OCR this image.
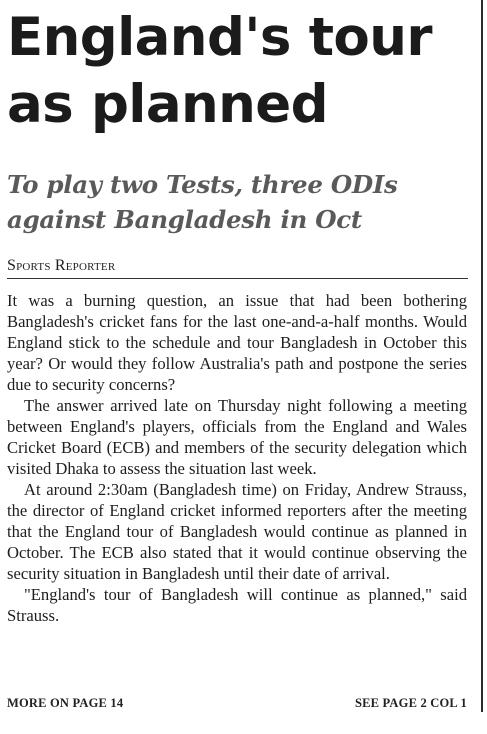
England's tour
as planned
To play two Tests, three ODIs
against Bangladesh in Oct
Sports Reporter

It was a burning question, an issue that had been bothering Bangladesh's cricket fans for the last one-and-a-half months. Would England stick to the schedule and tour Bangladesh in October this year? Or would they follow Australia's path and postpone the series due to security concerns?

The answer arrived late on Thursday night following a meeting between England's players, officials from the England and Wales Cricket Board (ECB) and members of the security delegation which visited Dhaka to assess the situation last week.

At around 2:30am (Bangladesh time) on Friday, Andrew Strauss, the director of England cricket informed reporters after the meeting that the England tour of Bangladesh would continue as planned in October. The ECB also stated that it would continue observing the security situation in Bangladesh until their date of arrival.

"England's tour of Bangladesh will continue as planned," said Strauss.

MORE ON PAGE 14	SEE PAGE 2 COL 1
